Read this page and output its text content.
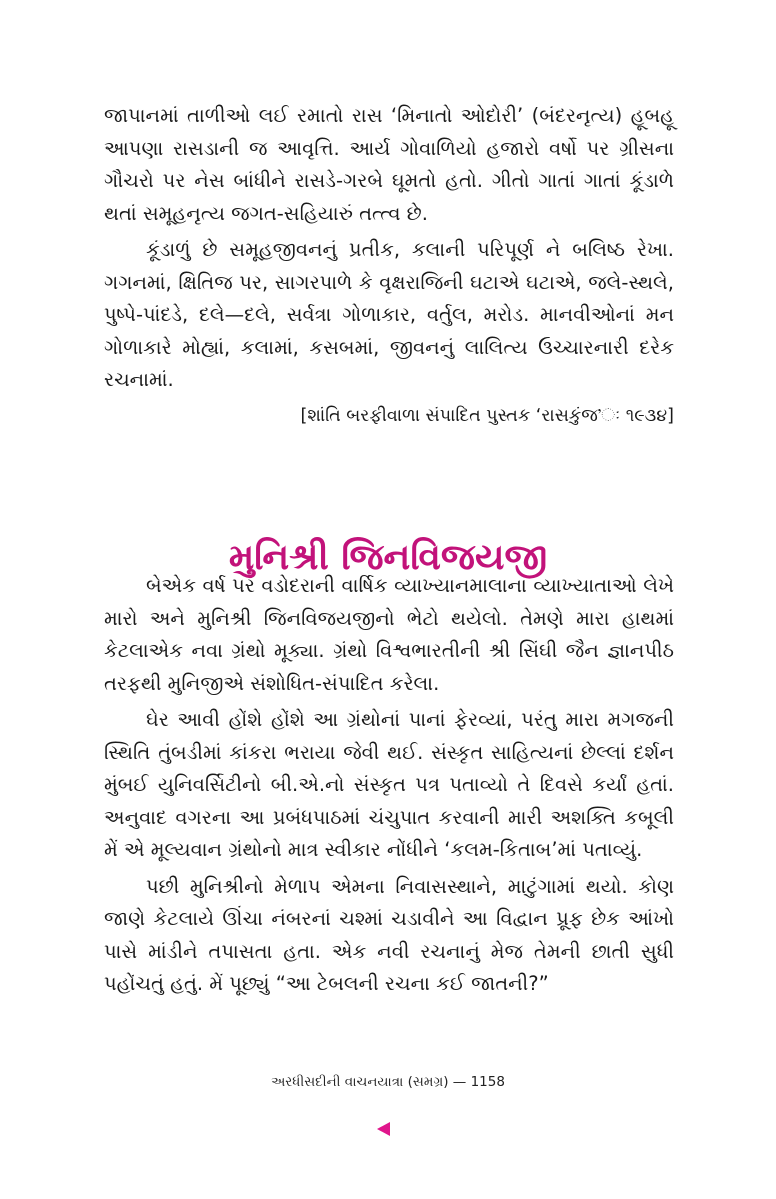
જાપાનમાં તાળીઓ લઈ રમાતો રાસ ‘મિનાતો ઓદોરી’ (બંદરનૃત્ય) હૂબહૂ આપણા રાસડાની જ આવૃત્તિ. આર્ય ગોવાળિયો હજારો વર્ષો પર ગ્રીસના ગૌચરો પર નેસ બાંધીને રાસડે-ગરબે ઘૂમતો હતો. ગીતો ગાતાં ગાતાં કૂંડાળે થતાં સમૂહનૃત્ય જગત-સહિયારું તત્ત્વ છે.

કૂંડાળું છે સમૂહજીવનનું પ્રતીક, કલાની પરિપૂર્ણ ને બલિષ્ઠ રેખા. ગગનમાં, ક્ષિતિજ પર, સાગરપાળે કે વૃક્ષરાજિની ઘટાએ ઘટાએ, જલે-સ્થલે, પુષ્પે-પાંદડે, દલે—દલે, સર્વત્રા ગોળાકાર, વર્તુલ, મરોડ. માનવીઓનાં મન ગોળાકારે મોહ્યાં, કલામાં, કસબમાં, જીવનનું લાલિત્ય ઉચ્ચારનારી દરેક રચનામાં.

[શાંતિ બરફીવાળા સંપાદિત પુસ્તક ‘રાસકુંજ’ઃ ૧૯૩૪]

મુનિશ્રી જિનવિજયજી

બેએક વર્ષ પર વડોદરાની વાર્ષિક વ્યાખ્યાનમાલાના વ્યાખ્યાતાઓ લેખે મારો અને મુનિશ્રી જિનવિજયજીનો ભેટો થયેલો. તેમણે મારા હાથમાં કેટલાએક નવા ગ્રંથો મૂક્યા. ગ્રંથો વિશ્વભારતીની શ્રી સિંઘી જૈન જ્ઞાનપીઠ તરફથી મુનિજીએ સંશોધિત-સંપાદિત કરેલા.

ઘેર આવી હોંશે હોંશે આ ગ્રંથોનાં પાનાં ફેરવ્યાં, પરંતુ મારા મગજની સ્થિતિ તુંબડીમાં કાંકરા ભરાયા જેવી થઈ. સંસ્કૃત સાહિત્યનાં છેલ્લાં દર્શન મુંબઈ યુનિવર્સિટીનો બી.એ.નો સંસ્કૃત પત્ર પતાવ્યો તે દિવસે કર્યાં હતાં. અનુવાદ વગરના આ પ્રબંધપાઠમાં ચંચુપાત કરવાની મારી અશક્તિ કબૂલી મેં એ મૂલ્યવાન ગ્રંથોનો માત્ર સ્વીકાર નોંધીને ‘કલમ-કિતાબ’માં પતાવ્યું.

પછી મુનિશ્રીનો મેળાપ એમના નિવાસસ્થાને, માટુંગામાં થયો. કોણ જાણે કેટલાયે ઊંચા નંબરનાં ચશ્માં ચડાવીને આ વિદ્વાન પ્રૂફ છેક આંખો પાસે માંડીને તપાસતા હતા. એક નવી રચનાનું મેજ તેમની છાતી સુધી પહોંચતું હતું. મેં પૂછ્યું “આ ટેબલની રચના કઈ જાતની?”

અરધીસદીની વાચનયાત્રા (સમગ્ર) — 1158
